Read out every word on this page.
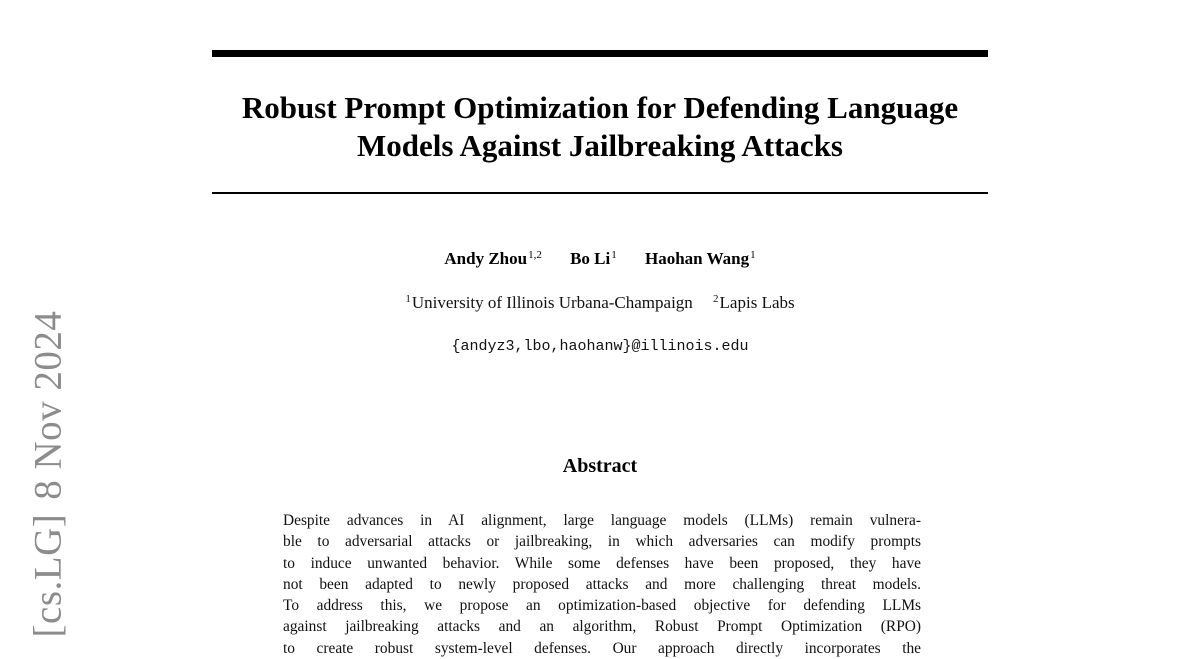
Robust Prompt Optimization for Defending Language
Models Against Jailbreaking Attacks
Andy Zhou$^{1,2}$ Bo Li$^1$ Haohan Wang$^1$
$^1$University of Illinois Urbana-Champaign $^2$Lapis Labs
{andyz3,lbo,haohanw}@illinois.edu
Abstract
Despite advances in AI alignment, large language models (LLMs) remain vulnera-
ble to adversarial attacks or jailbreaking, in which adversaries can modify prompts
to induce unwanted behavior. While some defenses have been proposed, they have
not been adapted to newly proposed attacks and more challenging threat models.
To address this, we propose an optimization-based objective for defending LLMs
against jailbreaking attacks and an algorithm, Robust Prompt Optimization (RPO)
to create robust system-level defenses. Our approach directly incorporates the
[cs.LG]8 Nov 2024
